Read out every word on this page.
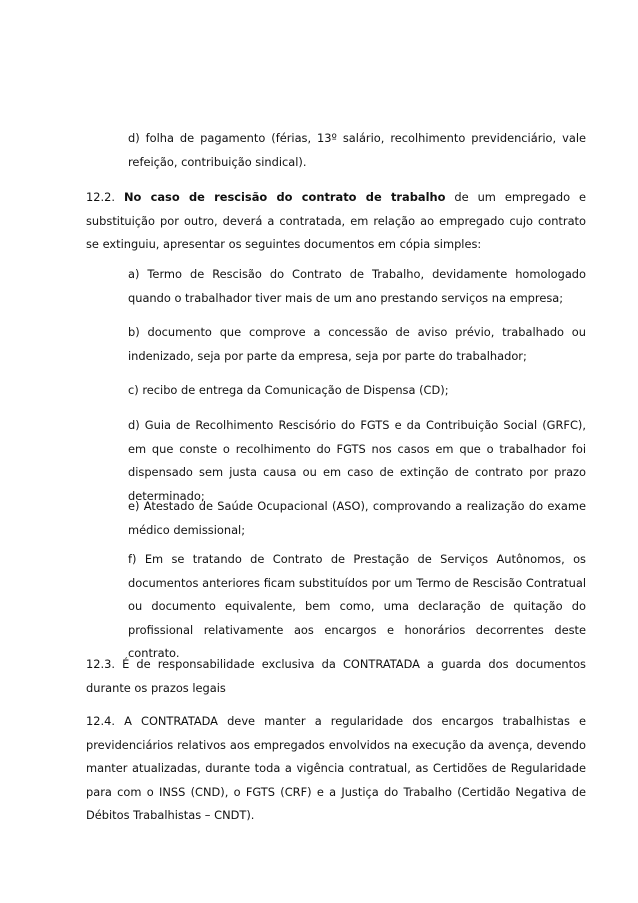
d) folha de pagamento (férias, 13º salário, recolhimento previdenciário, vale refeição, contribuição sindical).

12.2. No caso de rescisão do contrato de trabalho de um empregado e substituição por outro, deverá a contratada, em relação ao empregado cujo contrato se extinguiu, apresentar os seguintes documentos em cópia simples:

a) Termo de Rescisão do Contrato de Trabalho, devidamente homologado quando o trabalhador tiver mais de um ano prestando serviços na empresa;

b) documento que comprove a concessão de aviso prévio, trabalhado ou indenizado, seja por parte da empresa, seja por parte do trabalhador;

c) recibo de entrega da Comunicação de Dispensa (CD);

d) Guia de Recolhimento Rescisório do FGTS e da Contribuição Social (GRFC), em que conste o recolhimento do FGTS nos casos em que o trabalhador foi dispensado sem justa causa ou em caso de extinção de contrato por prazo determinado;

e) Atestado de Saúde Ocupacional (ASO), comprovando a realização do exame médico demissional;

f) Em se tratando de Contrato de Prestação de Serviços Autônomos, os documentos anteriores ficam substituídos por um Termo de Rescisão Contratual ou documento equivalente, bem como, uma declaração de quitação do profissional relativamente aos encargos e honorários decorrentes deste contrato.

12.3. É de responsabilidade exclusiva da CONTRATADA a guarda dos documentos durante os prazos legais

12.4. A CONTRATADA deve manter a regularidade dos encargos trabalhistas e previdenciários relativos aos empregados envolvidos na execução da avença, devendo manter atualizadas, durante toda a vigência contratual, as Certidões de Regularidade para com o INSS (CND), o FGTS (CRF) e a Justiça do Trabalho (Certidão Negativa de Débitos Trabalhistas – CNDT).
